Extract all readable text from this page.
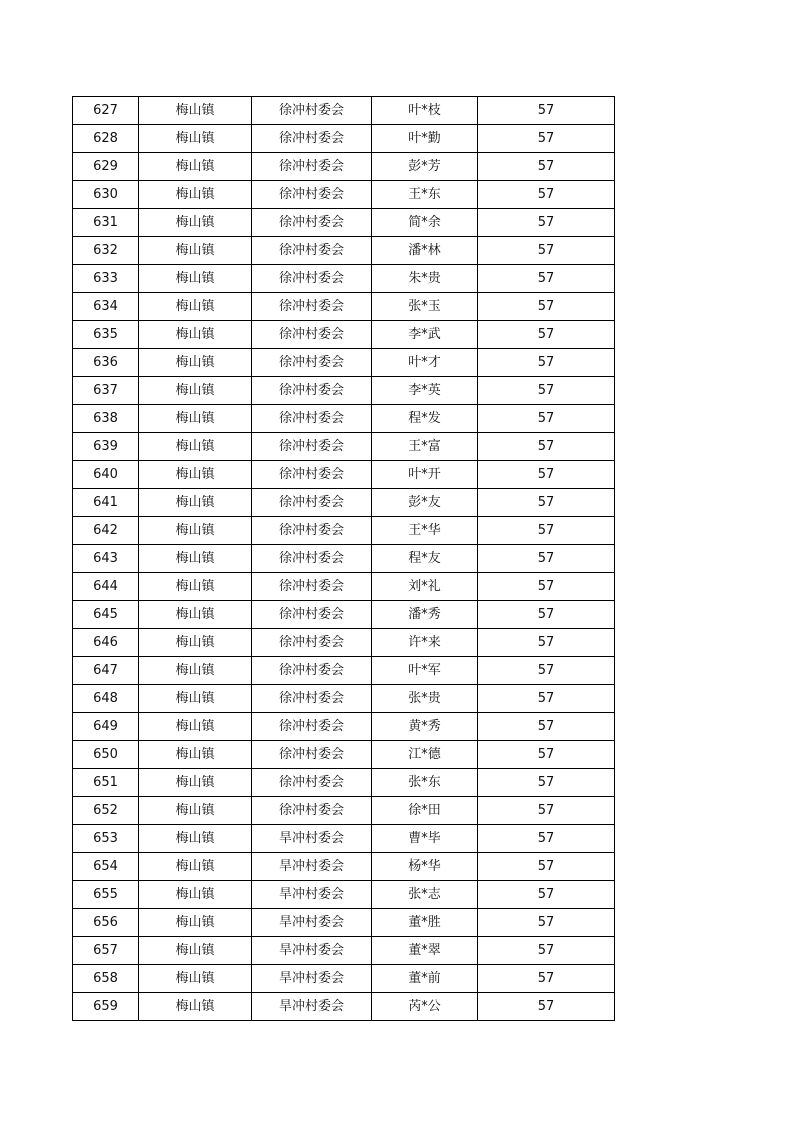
627	梅山镇	徐冲村委会	叶*枝	57
628	梅山镇	徐冲村委会	叶*勤	57
629	梅山镇	徐冲村委会	彭*芳	57
630	梅山镇	徐冲村委会	王*东	57
631	梅山镇	徐冲村委会	简*余	57
632	梅山镇	徐冲村委会	潘*林	57
633	梅山镇	徐冲村委会	朱*贵	57
634	梅山镇	徐冲村委会	张*玉	57
635	梅山镇	徐冲村委会	李*武	57
636	梅山镇	徐冲村委会	叶*才	57
637	梅山镇	徐冲村委会	李*英	57
638	梅山镇	徐冲村委会	程*发	57
639	梅山镇	徐冲村委会	王*富	57
640	梅山镇	徐冲村委会	叶*开	57
641	梅山镇	徐冲村委会	彭*友	57
642	梅山镇	徐冲村委会	王*华	57
643	梅山镇	徐冲村委会	程*友	57
644	梅山镇	徐冲村委会	刘*礼	57
645	梅山镇	徐冲村委会	潘*秀	57
646	梅山镇	徐冲村委会	许*来	57
647	梅山镇	徐冲村委会	叶*军	57
648	梅山镇	徐冲村委会	张*贵	57
649	梅山镇	徐冲村委会	黄*秀	57
650	梅山镇	徐冲村委会	江*德	57
651	梅山镇	徐冲村委会	张*东	57
652	梅山镇	徐冲村委会	徐*田	57
653	梅山镇	旱冲村委会	曹*毕	57
654	梅山镇	旱冲村委会	杨*华	57
655	梅山镇	旱冲村委会	张*志	57
656	梅山镇	旱冲村委会	董*胜	57
657	梅山镇	旱冲村委会	董*翠	57
658	梅山镇	旱冲村委会	董*前	57
659	梅山镇	旱冲村委会	芮*公	57
